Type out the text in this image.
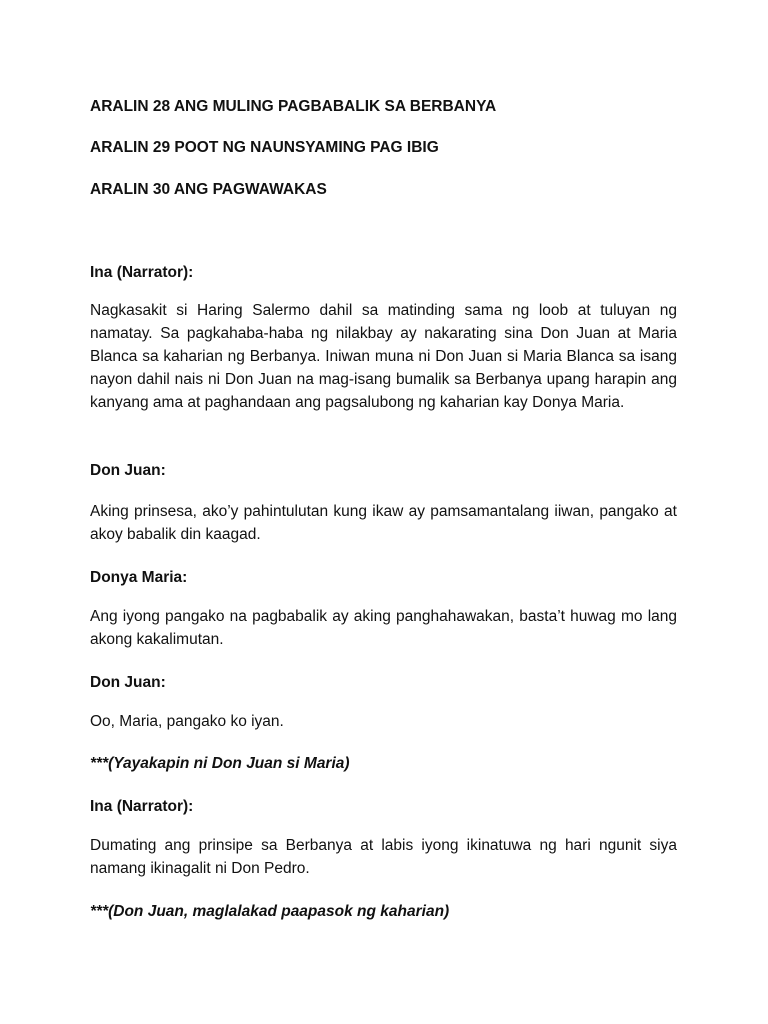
ARALIN 28 ANG MULING PAGBABALIK SA BERBANYA
ARALIN 29 POOT NG NAUNSYAMING PAG IBIG
ARALIN 30 ANG PAGWAWAKAS
Ina (Narrator):
Nagkasakit si Haring Salermo dahil sa matinding sama ng loob at tuluyan ng namatay. Sa pagkahaba-haba ng nilakbay ay nakarating sina Don Juan at Maria Blanca sa kaharian ng Berbanya. Iniwan muna ni Don Juan si Maria Blanca sa isang nayon dahil nais ni Don Juan na mag-isang bumalik sa Berbanya upang harapin ang kanyang ama at paghandaan ang pagsalubong ng kaharian kay Donya Maria.
Don Juan:
Aking prinsesa, ako’y pahintulutan kung ikaw ay pamsamantalang iiwan, pangako at akoy babalik din kaagad.
Donya Maria:
Ang iyong pangako na pagbabalik ay aking panghahawakan, basta’t huwag mo lang akong kakalimutan.
Don Juan:
Oo, Maria, pangako ko iyan.
***(Yayakapin ni Don Juan si Maria)
Ina (Narrator):
Dumating ang prinsipe sa Berbanya at labis iyong ikinatuwa ng hari ngunit siya namang ikinagalit ni Don Pedro.
***(Don Juan, maglalakad paapasok ng kaharian)
